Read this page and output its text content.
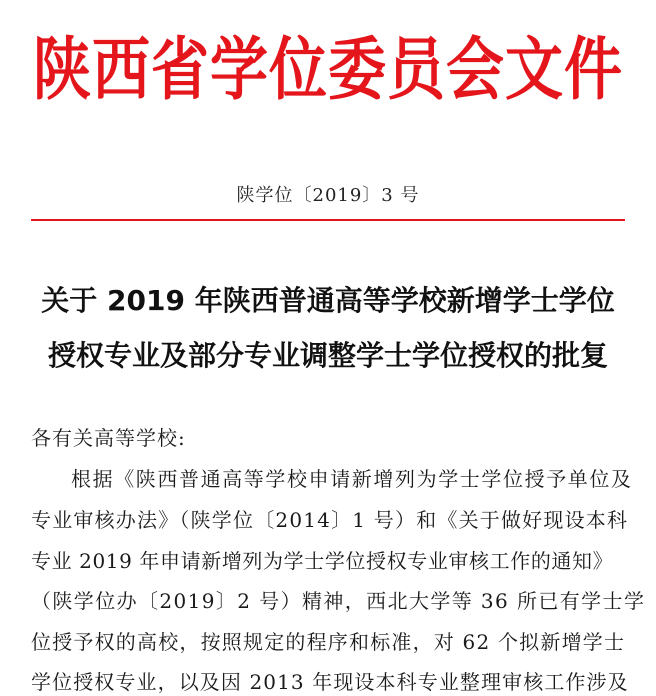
陕西省学位委员会文件
陕学位〔2019〕3 号
关于 2019 年陕西普通高等学校新增学士学位
授权专业及部分专业调整学士学位授权的批复
各有关高等学校:
根据《陕西普通高等学校申请新增列为学士学位授予单位及
专业审核办法》（陕学位〔2014〕1 号）和《关于做好现设本科
专业 2019 年申请新增列为学士学位授权专业审核工作的通知》
（陕学位办〔2019〕2 号）精神，西北大学等 36 所已有学士学
位授予权的高校，按照规定的程序和标准，对 62 个拟新增学士
学位授权专业，以及因 2013 年现设本科专业整理审核工作涉及
